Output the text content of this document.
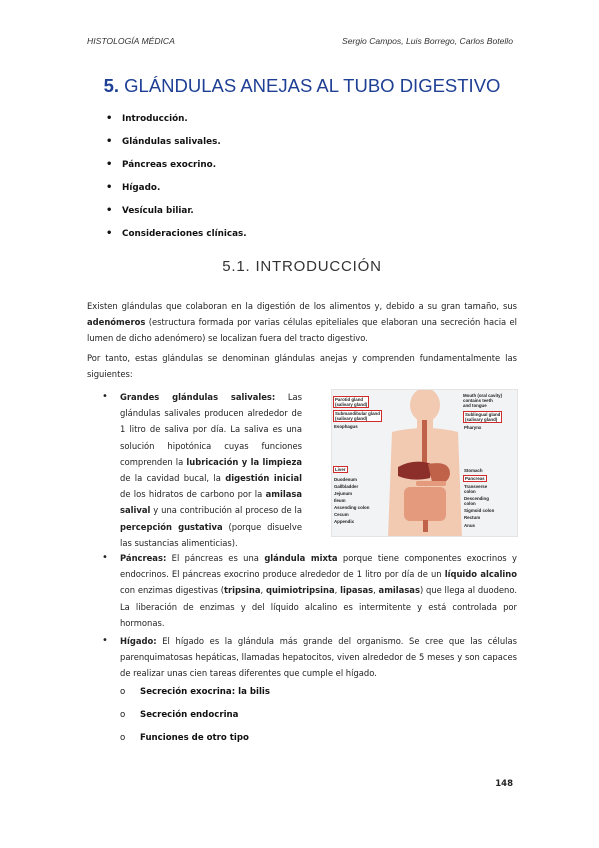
HISTOLOGÍA MÉDICA	Sergio Campos, Luis Borrego, Carlos Botello
5. GLÁNDULAS ANEJAS AL TUBO DIGESTIVO
• Introducción.
• Glándulas salivales.
• Páncreas exocrino.
• Hígado.
• Vesícula biliar.
• Consideraciones clínicas.
5.1. INTRODUCCIÓN

Existen glándulas que colaboran en la digestión de los alimentos y, debido a su gran tamaño, sus adenómeros (estructura formada por varias células epiteliales que elaboran una secreción hacia el lumen de dicho adenómero) se localizan fuera del tracto digestivo.

Por tanto, estas glándulas se denominan glándulas anejas y comprenden fundamentalmente las siguientes:

• Grandes glándulas salivales: Las glándulas salivales producen alrededor de 1 litro de saliva por día. La saliva es una solución hipotónica cuyas funciones comprenden la lubricación y la limpieza de la cavidad bucal, la digestión inicial de los hidratos de carbono por la amilasa salival y una contribución al proceso de la percepción gustativa (porque disuelve las sustancias alimenticias).
Parotid gland
(salivary gland)
Submandibular gland
(salivary gland)
Esophagus
Liver
Duodenum
Gallbladder
Jejunum
Ileum
Ascending colon
Cecum
Appendix
Mouth (oral cavity)
contains teeth
and tongue
Sublingual gland
(salivary gland)
Pharynx
Stomach
Pancreas
Transverse
colon
Descending
colon
Sigmoid colon
Rectum
Anus
• Páncreas: El páncreas es una glándula mixta porque tiene componentes exocrinos y endocrinos. El páncreas exocrino produce alrededor de 1 litro por día de un líquido alcalino con enzimas digestivas (tripsina, quimiotripsina, lipasas, amilasas) que llega al duodeno. La liberación de enzimas y del líquido alcalino es intermitente y está controlada por hormonas.
• Hígado: El hígado es la glándula más grande del organismo. Se cree que las células parenquimatosas hepáticas, llamadas hepatocitos, viven alrededor de 5 meses y son capaces de realizar unas cien tareas diferentes que cumple el hígado.
o Secreción exocrina: la bilis
o Secreción endocrina
o Funciones de otro tipo
148
